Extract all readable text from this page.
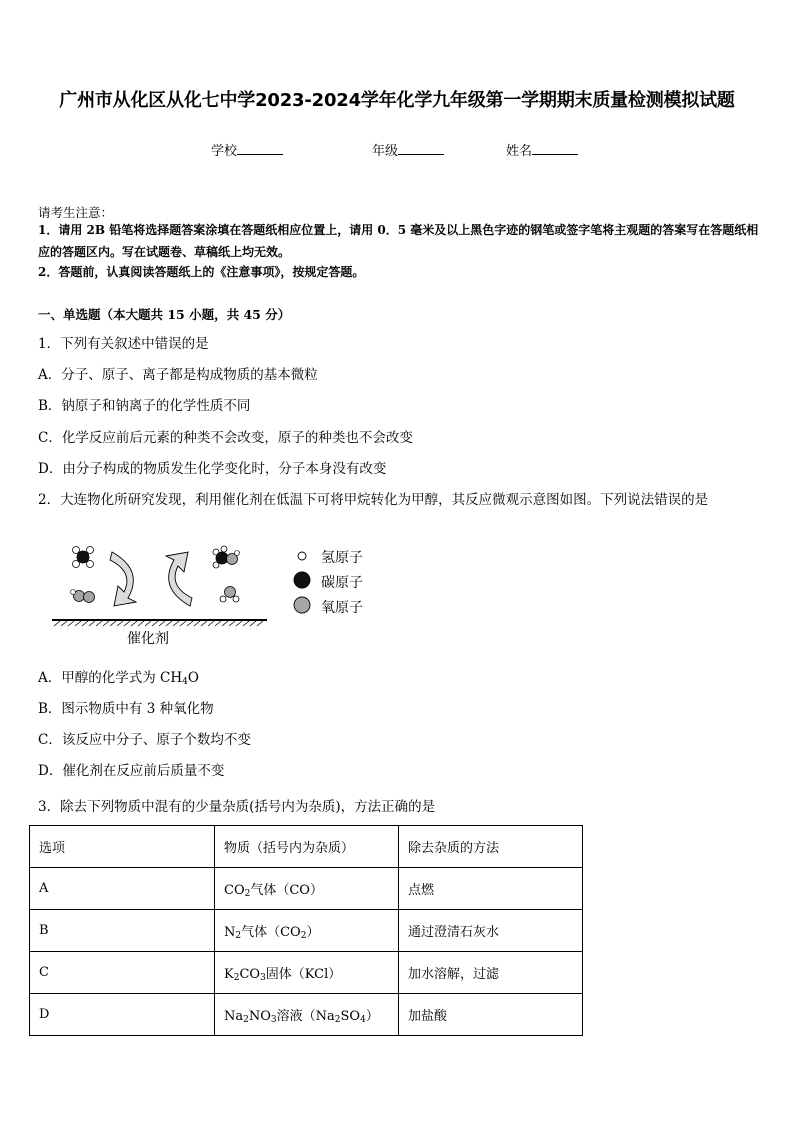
广州市从化区从化七中学2023-2024学年化学九年级第一学期期末质量检测模拟试题
学校	年级	姓名
请考生注意：
1．请用 2B 铅笔将选择题答案涂填在答题纸相应位置上，请用 0．5 毫米及以上黑色字迹的钢笔或签字笔将主观题的答案写在答题纸相应的答题区内。写在试题卷、草稿纸上均无效。
2．答题前，认真阅读答题纸上的《注意事项》，按规定答题。
一、单选题（本大题共 15 小题，共 45 分）
1．下列有关叙述中错误的是
A．分子、原子、离子都是构成物质的基本微粒
B．钠原子和钠离子的化学性质不同
C．化学反应前后元素的种类不会改变，原子的种类也不会改变
D．由分子构成的物质发生化学变化时，分子本身没有改变
2．大连物化所研究发现，利用催化剂在低温下可将甲烷转化为甲醇，其反应微观示意图如图。下列说法错误的是
氢原子
碳原子
氧原子
催化剂
A．甲醇的化学式为 $CH_4O$
B．图示物质中有 3 种氧化物
C．该反应中分子、原子个数均不变
D．催化剂在反应前后质量不变
3．除去下列物质中混有的少量杂质(括号内为杂质)，方法正确的是
选项	物质（括号内为杂质）	除去杂质的方法
A	$CO_2$气体（CO）	点燃
B	$N_2$气体$(CO_2)$	通过澄清石灰水
C	$K_2CO_3$固体（KCl）	加水溶解，过滤
D	$Na_2NO_3$溶液$(Na_2SO_4)$	加盐酸
